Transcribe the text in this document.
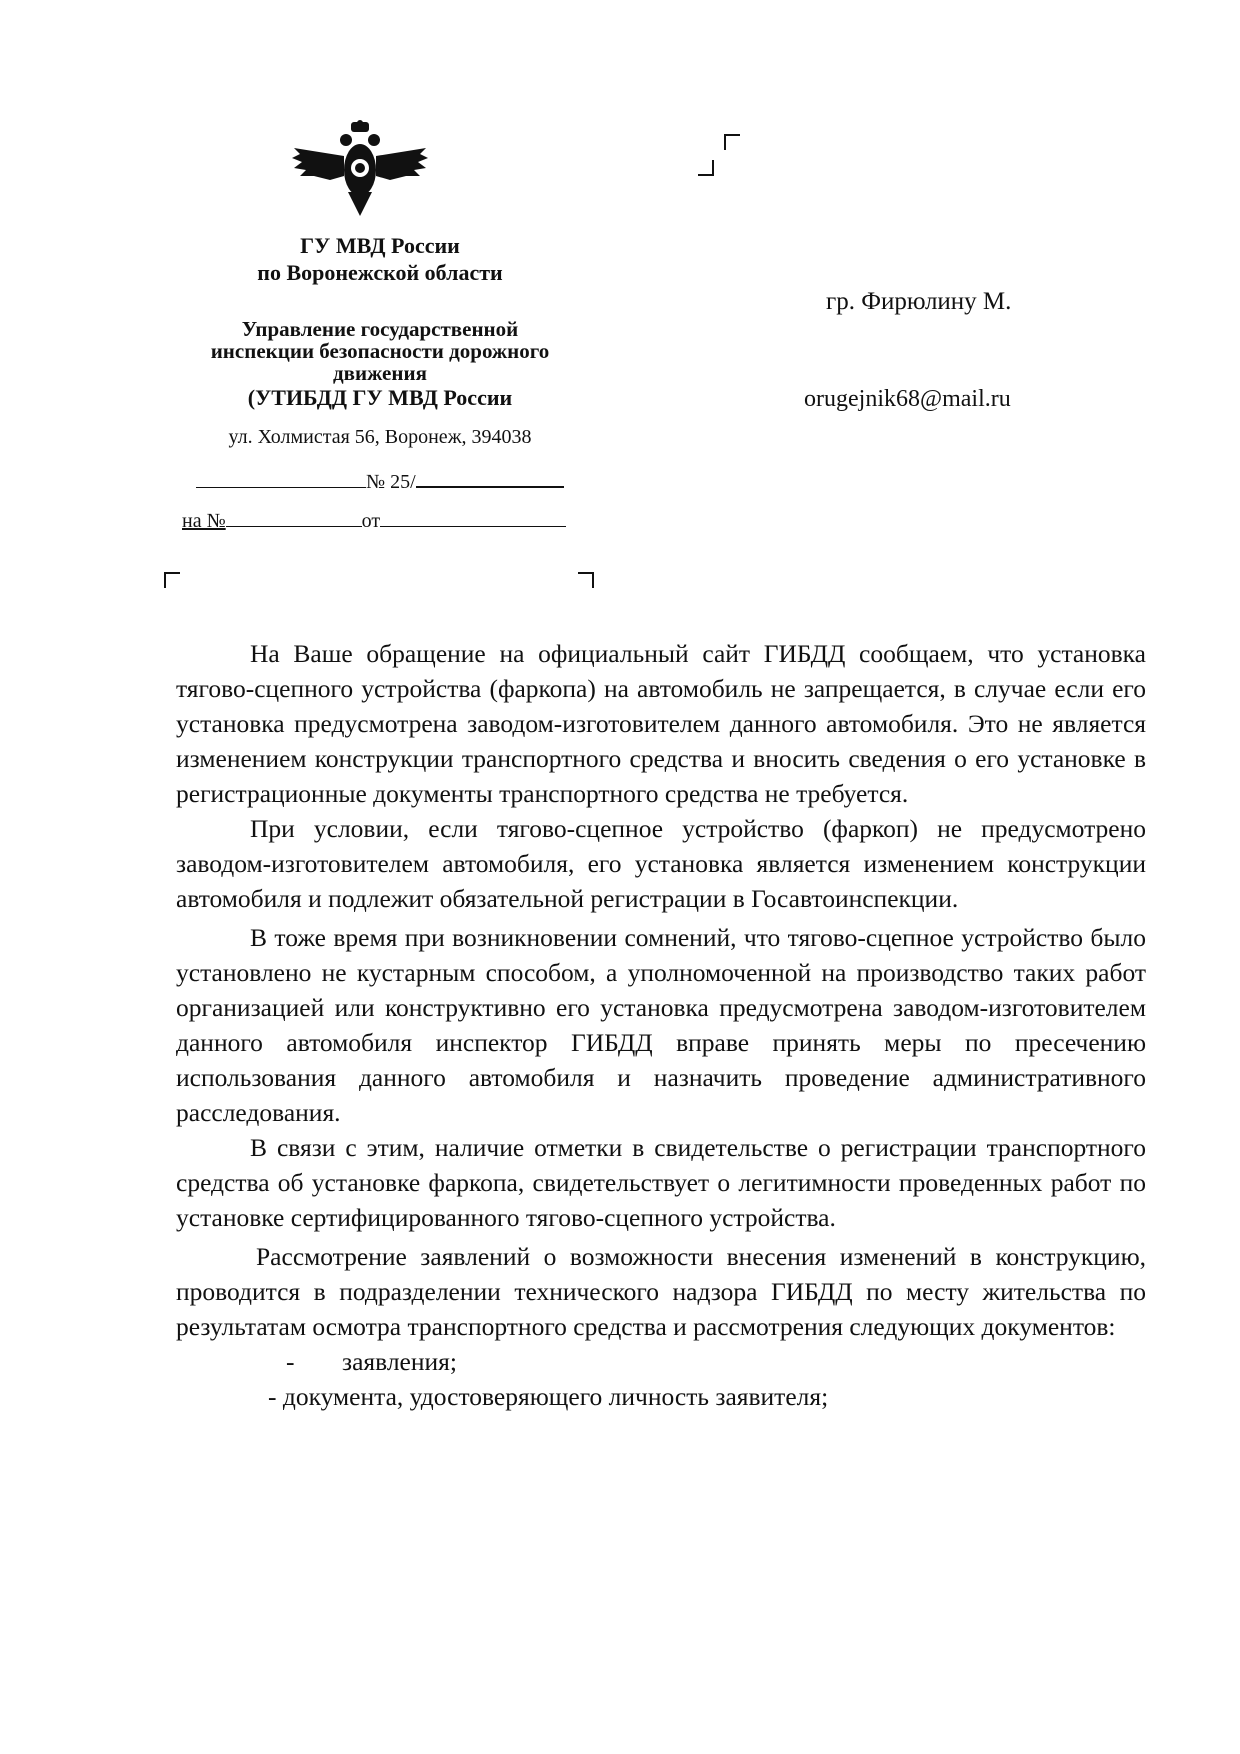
ГУ МВД России
по Воронежской области
Управление государственной
инспекции безопасности дорожного
движения
(УТИБДД ГУ МВД России
ул. Холмистая 56, Воронеж, 394038
№ 25/
на №	от
гр. Фирюлину М.
orugejnik68@mail.ru

На Ваше обращение на официальный сайт ГИБДД сообщаем, что установка тягово-сцепного устройства (фаркопа) на автомобиль не запрещается, в случае если его установка предусмотрена заводом-изготовителем данного автомобиля. Это не является изменением конструкции транспортного средства и вносить сведения о его установке в регистрационные документы транспортного средства не требуется.

При условии, если тягово-сцепное устройство (фаркоп) не предусмотрено заводом-изготовителем автомобиля, его установка является изменением конструкции автомобиля и подлежит обязательной регистрации в Госавтоинспекции.

В тоже время при возникновении сомнений, что тягово-сцепное устройство было установлено не кустарным способом, а уполномоченной на производство таких работ организацией или конструктивно его установка предусмотрена заводом-изготовителем данного автомобиля инспектор ГИБДД вправе принять меры по пресечению использования данного автомобиля и назначить проведение административного расследования.

В связи с этим, наличие отметки в свидетельстве о регистрации транспортного средства об установке фаркопа, свидетельствует о легитимности проведенных работ по установке сертифицированного тягово-сцепного устройства.

Рассмотрение заявлений о возможности внесения изменений в конструкцию, проводится в подразделении технического надзора ГИБДД по месту жительства по результатам осмотра транспортного средства и рассмотрения следующих документов:

- заявления;

- документа, удостоверяющего личность заявителя;
